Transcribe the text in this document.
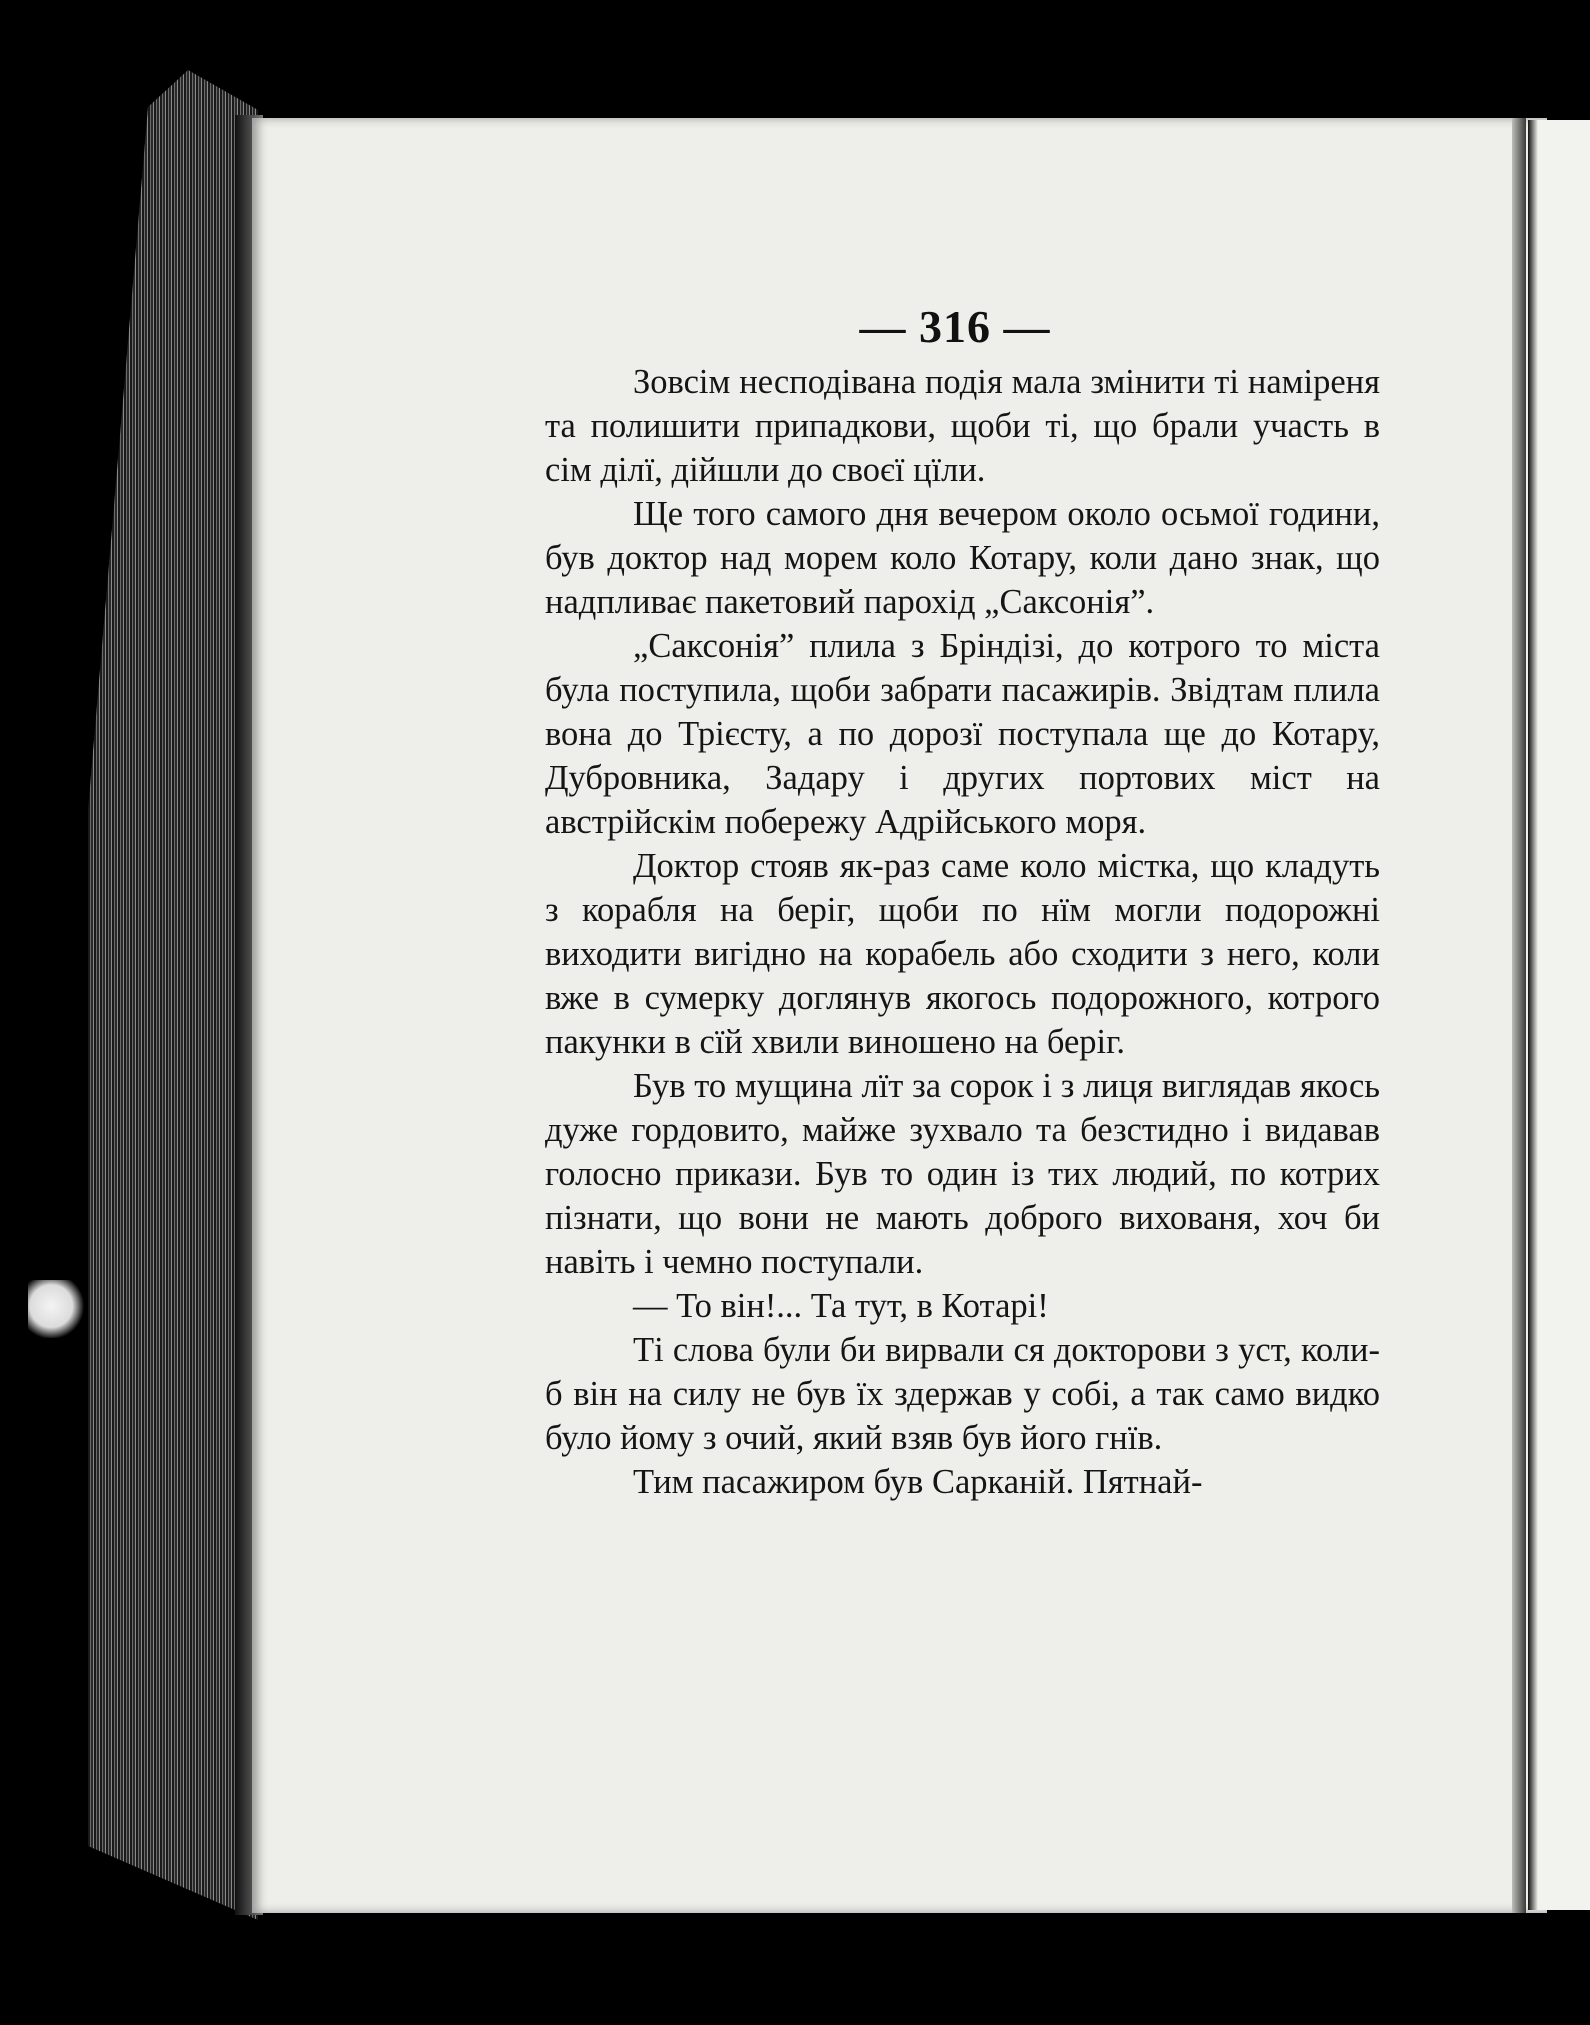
— 316 —

Зовсім несподівана подія мала змінити ті наміреня та полишити припадкови, щоби ті, що брали участь в сім ділї, дійшли до своєї цїли.

Ще того самого дня вечером около осьмої години, був доктор над морем коло Котару, коли дано знак, що надпливає пакетовий парохід „Саксонія”.

„Саксонія” плила з Бріндізі, до котрого то міста була поступила, щоби забрати пасажирів. Звідтам плила вона до Трієсту, а по дорозї поступала ще до Котару, Дубровника, Задару і других портових міст на австрійскім побережу Адрійського моря.

Доктор стояв як-раз саме коло містка, що кладуть з корабля на беріг, щоби по нїм могли подорожні виходити вигідно на корабель або сходити з него, коли вже в сумерку доглянув якогось подорожного, котрого пакунки в сїй хвили виношено на беріг.

Був то мущина лїт за сорок і з лиця виглядав якось дуже гордовито, майже зухвало та безстидно і видавав голосно прикази. Був то один із тих людий, по котрих пізнати, що вони не мають доброго вихованя, хоч би навіть і чемно поступали.

— То він!... Та тут, в Котарі!

Ті слова були би вирвали ся докторови з уст, коли-б він на силу не був їх здержав у собі, а так само видко було йому з очий, який взяв був його гнїв.

Тим пасажиром був Сарканій. Пятнай-
